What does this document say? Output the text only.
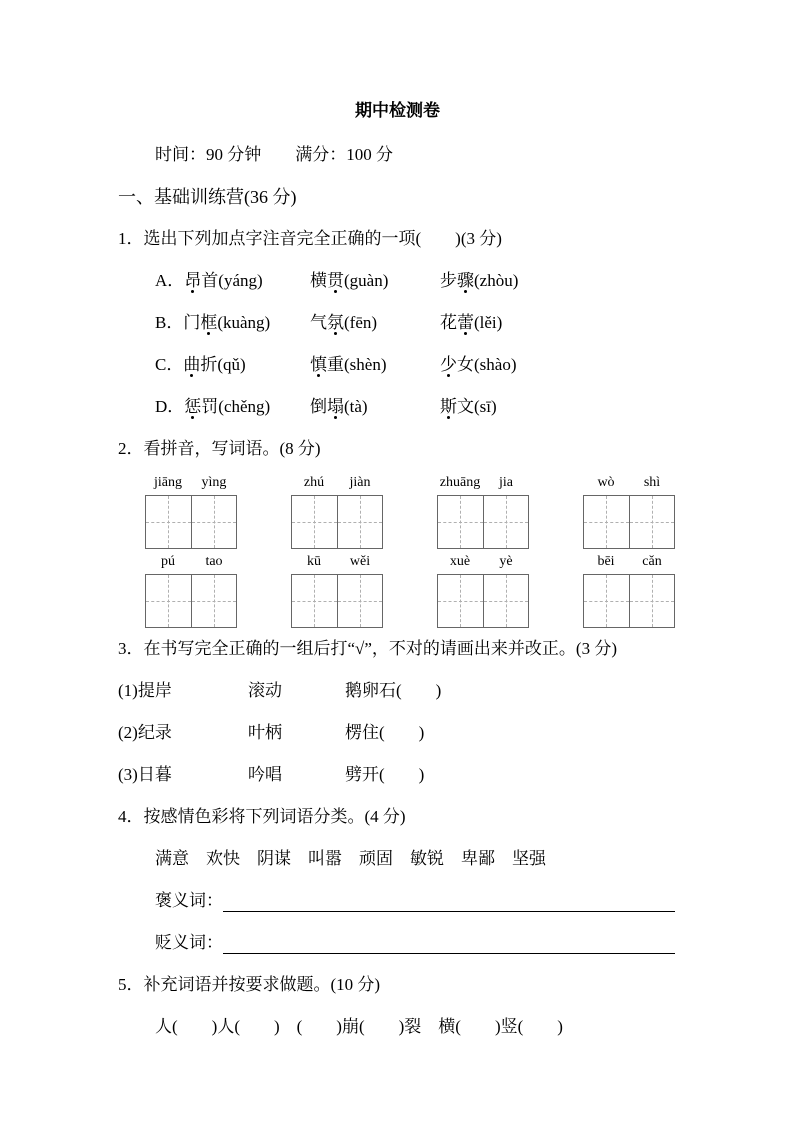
期中检测卷
时间：90 分钟　　满分：100 分
一、基础训练营(36 分)
1．选出下列加点字注音完全正确的一项(　　)(3 分)
A．昂首(yáng)	横贯(guàn)	步骤(zhòu)
B．门框(kuàng)	气氛(fēn)	花蕾(lěi)
C．曲折(qǔ)	慎重(shèn)	少女(shào)
D．惩罚(chěng)	倒塌(tà)	斯文(sī)
2．看拼音，写词语。(8 分)
jiāng	yìng	zhú	jiàn	zhuāng	jia	wò	shì
pú	tao	kū	wěi	xuè	yè	bēi	cǎn
3．在书写完全正确的一组后打“√”，不对的请画出来并改正。(3 分)
(1)提岸	滚动	鹅卵石(　　)
(2)纪录	叶柄	楞住(　　)
(3)日暮	吟唱	劈开(　　)
4．按感情色彩将下列词语分类。(4 分)
满意　欢快　阴谋　叫嚣　顽固　敏锐　卑鄙　坚强
褒义词：
贬义词：
5．补充词语并按要求做题。(10 分)
人(　　)人(　　)　(　　)崩(　　)裂　横(　　)竖(　　)
